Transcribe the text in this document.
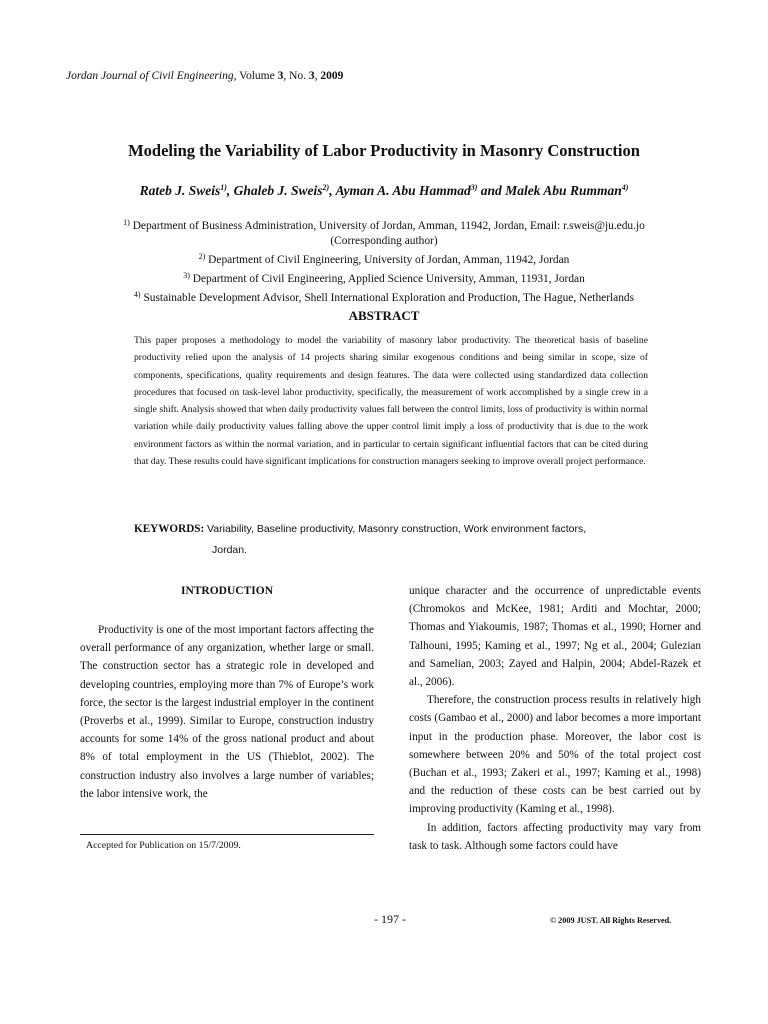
Jordan Journal of Civil Engineering, Volume 3, No. 3, 2009
Modeling the Variability of Labor Productivity in Masonry Construction
Rateb J. Sweis$^{1)}$, Ghaleb J. Sweis$^{2)}$, Ayman A. Abu Hammad$^{3)}$ and Malek Abu Rumman$^{4)}$
$^{1)}$ Department of Business Administration, University of Jordan, Amman, 11942, Jordan, Email: r.sweis@ju.edu.jo
(Corresponding author)
$^{2)}$ Department of Civil Engineering, University of Jordan, Amman, 11942, Jordan
$^{3)}$ Department of Civil Engineering, Applied Science University, Amman, 11931, Jordan
$^{4)}$ Sustainable Development Advisor, Shell International Exploration and Production, The Hague, Netherlands
ABSTRACT

This paper proposes a methodology to model the variability of masonry labor productivity. The theoretical basis of baseline productivity relied upon the analysis of 14 projects sharing similar exogenous conditions and being similar in scope, size of components, specifications, quality requirements and design features. The data were collected using standardized data collection procedures that focused on task-level labor productivity, specifically, the measurement of work accomplished by a single crew in a single shift. Analysis showed that when daily productivity values fall between the control limits, loss of productivity is within normal variation while daily productivity values falling above the upper control limit imply a loss of productivity that is due to the work environment factors as within the normal variation, and in particular to certain significant influential factors that can be cited during that day. These results could have significant implications for construction managers seeking to improve overall project performance.

KEYWORDS: Variability, Baseline productivity, Masonry construction, Work environment factors,
Jordan.
INTRODUCTION

Productivity is one of the most important factors affecting the overall performance of any organization, whether large or small. The construction sector has a strategic role in developed and developing countries, employing more than 7% of Europe’s work force, the sector is the largest industrial employer in the continent (Proverbs et al., 1999). Similar to Europe, construction industry accounts for some 14% of the gross national product and about 8% of total employment in the US (Thieblot, 2002). The construction industry also involves a large number of variables; the labor intensive work, the

unique character and the occurrence of unpredictable events (Chromokos and McKee, 1981; Arditi and Mochtar, 2000; Thomas and Yiakoumis, 1987; Thomas et al., 1990; Horner and Talhouni, 1995; Kaming et al., 1997; Ng et al., 2004; Gulezian and Samelian, 2003; Zayed and Halpin, 2004; Abdel-Razek et al., 2006).

Therefore, the construction process results in relatively high costs (Gambao et al., 2000) and labor becomes a more important input in the production phase. Moreover, the labor cost is somewhere between 20% and 50% of the total project cost (Buchan et al., 1993; Zakeri et al., 1997; Kaming et al., 1998) and the reduction of these costs can be best carried out by improving productivity (Kaming et al., 1998).

In addition, factors affecting productivity may vary from task to task. Although some factors could have

Accepted for Publication on 15/7/2009.
- 197 -	© 2009 JUST. All Rights Reserved.
